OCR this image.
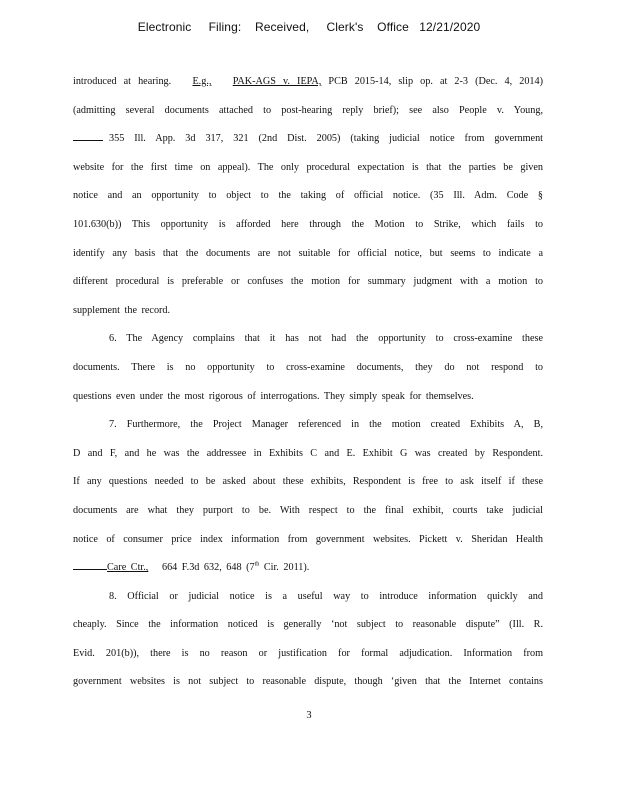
Electronic     Filing:    Received,     Clerk's    Office   12/21/2020
introduced at hearing. E.g., PAK-AGS v. IEPA, PCB 2015-14, slip op. at 2-3 (Dec. 4, 2014)
(admitting several documents attached to post-hearing reply brief); see also People v. Young,
355 Ill. App. 3d 317, 321 (2nd Dist. 2005) (taking judicial notice from government
website for the first time on appeal). The only procedural expectation is that the parties be given
notice and an opportunity to object to the taking of official notice. (35 Ill. Adm. Code §
101.630(b)) This opportunity is afforded here through the Motion to Strike, which fails to
identify any basis that the documents are not suitable for official notice, but seems to indicate a
different procedural is preferable or confuses the motion for summary judgment with a motion to
supplement the record.
6. The Agency complains that it has not had the opportunity to cross-examine these
documents. There is no opportunity to cross-examine documents, they do not respond to
questions even under the most rigorous of interrogations. They simply speak for themselves.
7. Furthermore, the Project Manager referenced in the motion created Exhibits A, B,
D and F, and he was the addressee in Exhibits C and E. Exhibit G was created by Respondent.
If any questions needed to be asked about these exhibits, Respondent is free to ask itself if these
documents are what they purport to be. With respect to the final exhibit, courts take judicial
notice of consumer price index information from government websites. Pickett v. Sheridan Health
Care Ctr., 664 F.3d 632, 648 (7th Cir. 2011).
8. Official or judicial notice is a useful way to introduce information quickly and
cheaply. Since the information noticed is generally ‘not subject to reasonable dispute” (Ill. R.
Evid. 201(b)), there is no reason or justification for formal adjudication. Information from
government websites is not subject to reasonable dispute, though ‘given that the Internet contains
3
